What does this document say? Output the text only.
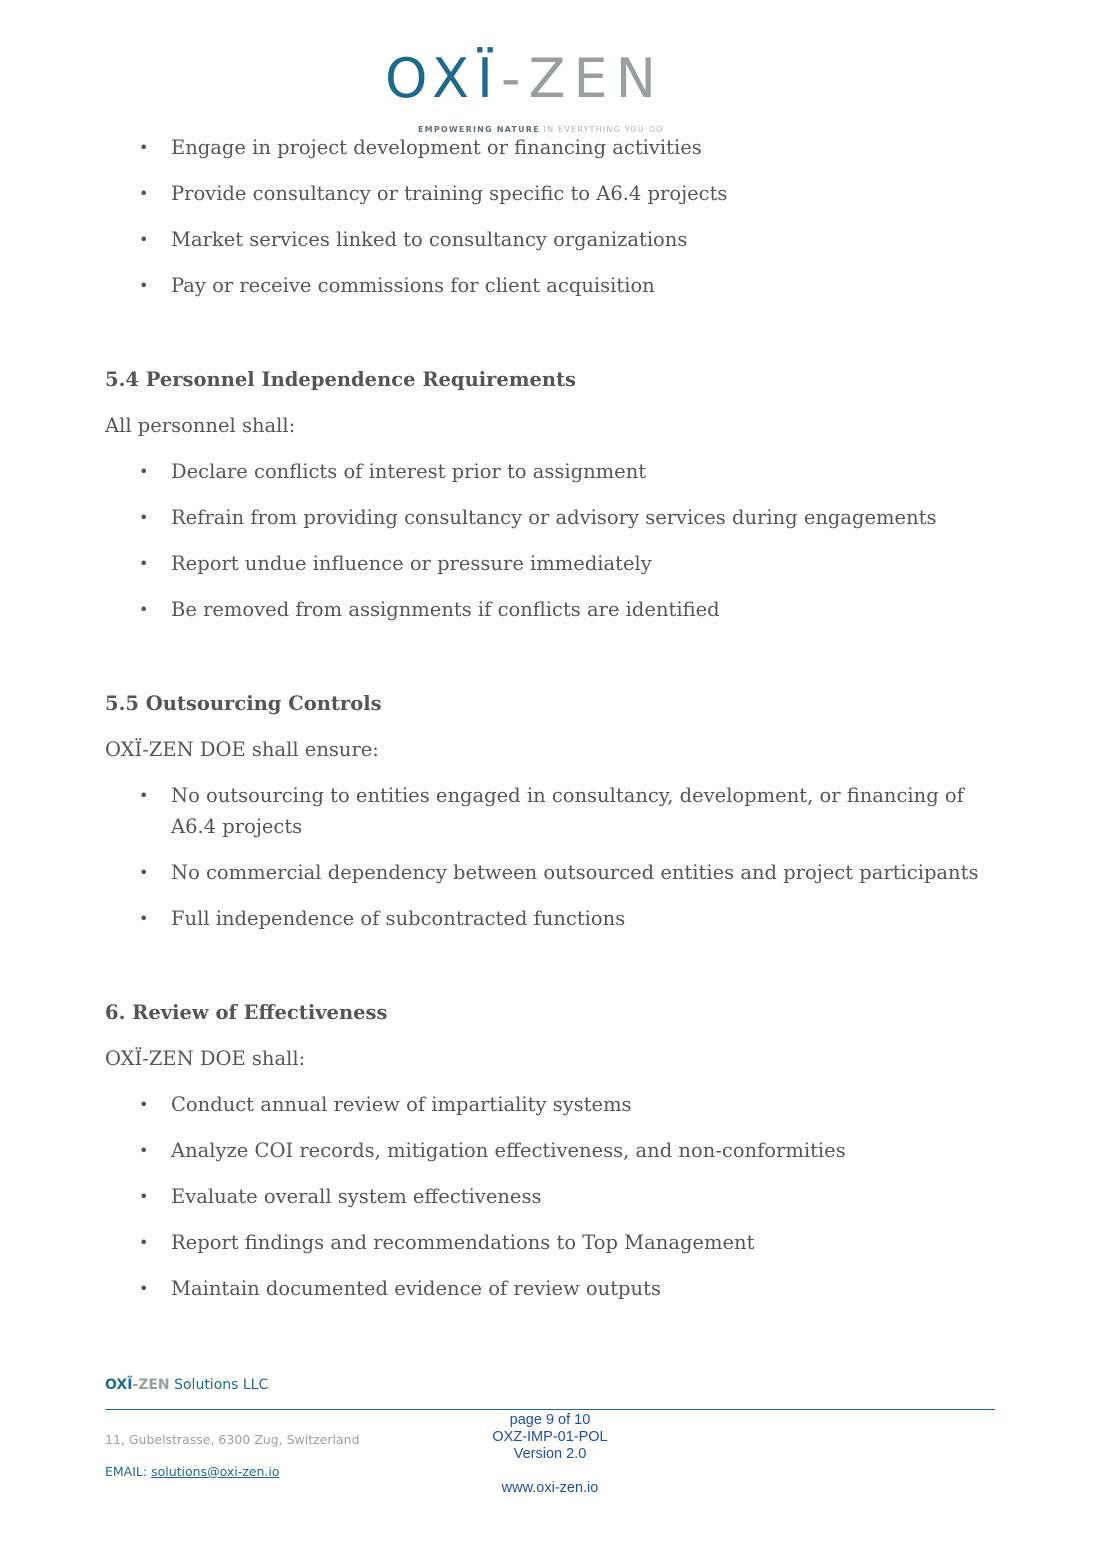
OXÏ-ZEN
EMPOWERING NATURE IN EVERYTHING YOU DO
• Engage in project development or financing activities
• Provide consultancy or training specific to A6.4 projects
• Market services linked to consultancy organizations
• Pay or receive commissions for client acquisition
5.4 Personnel Independence Requirements

All personnel shall:

• Declare conflicts of interest prior to assignment
• Refrain from providing consultancy or advisory services during engagements
• Report undue influence or pressure immediately
• Be removed from assignments if conflicts are identified
5.5 Outsourcing Controls

OXÏ-ZEN DOE shall ensure:

• No outsourcing to entities engaged in consultancy, development, or financing of A6.4 projects
• No commercial dependency between outsourced entities and project participants
• Full independence of subcontracted functions
6. Review of Effectiveness

OXÏ-ZEN DOE shall:

• Conduct annual review of impartiality systems
• Analyze COI records, mitigation effectiveness, and non-conformities
• Evaluate overall system effectiveness
• Report findings and recommendations to Top Management
• Maintain documented evidence of review outputs
OXÏ-ZEN Solutions LLC
11, Gubelstrasse, 6300 Zug, Switzerland
EMAIL: solutions@oxi-zen.io
page 9 of 10
OXZ-IMP-01-POL
Version 2.0
www.oxi-zen.io
